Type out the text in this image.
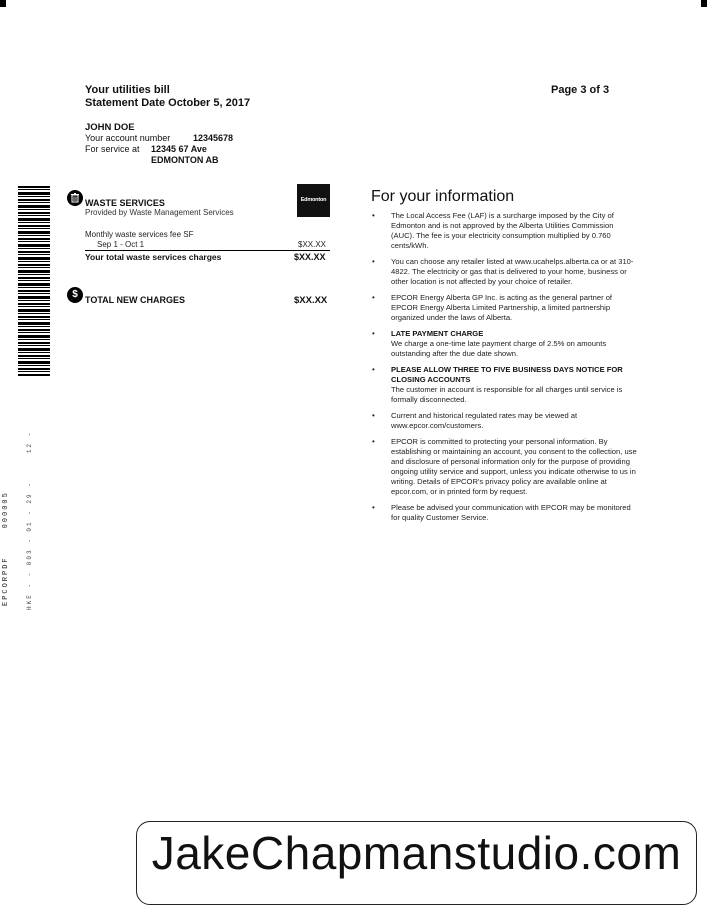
Your utilities bill
Statement Date October 5, 2017
Page 3 of 3
JOHN DOE
Your account number	12345678
For service at 12345 67 Ave
EDMONTON AB
EPCORPDF000005	HKE - - 003 - 01 - 29 -12 -
WASTE SERVICES
Provided by Waste Management Services
Edmonton
Monthly waste services fee SF
Sep 1 - Oct 1	$XX.XX
Your total waste services charges	$XX.XX
$ TOTAL NEW CHARGES	$XX.XX
For your information
• The Local Access Fee (LAF) is a surcharge imposed by the City of Edmonton and is not approved by the Alberta Utilities Commission (AUC). The fee is your electricity consumption multiplied by 0.760 cents/kWh.
• You can choose any retailer listed at www.ucahelps.alberta.ca or at 310-4822. The electricity or gas that is delivered to your home, business or other location is not affected by your choice of retailer.
• EPCOR Energy Alberta GP Inc. is acting as the general partner of EPCOR Energy Alberta Limited Partnership, a limited partnership organized under the laws of Alberta.
• LATE PAYMENT CHARGE
We charge a one-time late payment charge of 2.5% on amounts outstanding after the due date shown.
• PLEASE ALLOW THREE TO FIVE BUSINESS DAYS NOTICE FOR CLOSING ACCOUNTS
The customer in account is responsible for all charges until service is formally disconnected.
• Current and historical regulated rates may be viewed at www.epcor.com/customers.
• EPCOR is committed to protecting your personal information. By establishing or maintaining an account, you consent to the collection, use and disclosure of personal information only for the purpose of providing ongoing utility service and support, unless you indicate otherwise to us in writing. Details of EPCOR's privacy policy are available online at epcor.com, or in printed form by request.
• Please be advised your communication with EPCOR may be monitored for quality Customer Service.
JakeChapmanstudio.com
